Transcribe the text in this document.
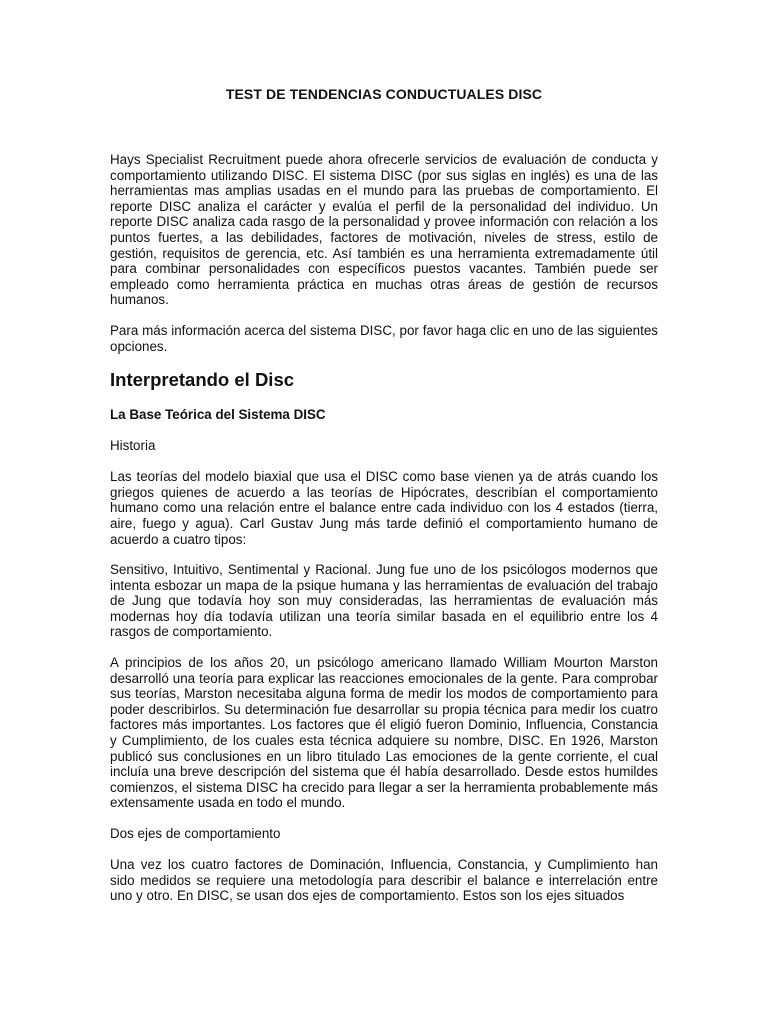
TEST DE TENDENCIAS CONDUCTUALES DISC

Hays Specialist Recruitment puede ahora ofrecerle servicios de evaluación de conducta y comportamiento utilizando DISC. El sistema DISC (por sus siglas en inglés) es una de las herramientas mas amplias usadas en el mundo para las pruebas de comportamiento. El reporte DISC analiza el carácter y evalúa el perfil de la personalidad del individuo. Un reporte DISC analiza cada rasgo de la personalidad y provee información con relación a los puntos fuertes, a las debilidades, factores de motivación, niveles de stress, estilo de gestión, requisitos de gerencia, etc. Así también es una herramienta extremadamente útil para combinar personalidades con específicos puestos vacantes. También puede ser empleado como herramienta práctica en muchas otras áreas de gestión de recursos humanos.

Para más información acerca del sistema DISC, por favor haga clic en uno de las siguientes opciones.

Interpretando el Disc
La Base Teórica del Sistema DISC

Historia

Las teorías del modelo biaxial que usa el DISC como base vienen ya de atrás cuando los griegos quienes de acuerdo a las teorías de Hipócrates, describían el comportamiento humano como una relación entre el balance entre cada individuo con los 4 estados (tierra, aire, fuego y agua). Carl Gustav Jung más tarde definió el comportamiento humano de acuerdo a cuatro tipos:

Sensitivo, Intuitivo, Sentimental y Racional. Jung fue uno de los psicólogos modernos que intenta esbozar un mapa de la psique humana y las herramientas de evaluación del trabajo de Jung que todavía hoy son muy consideradas, las herramientas de evaluación más modernas hoy día todavía utilizan una teoría similar basada en el equilibrio entre los 4 rasgos de comportamiento.

A principios de los años 20, un psicólogo americano llamado William Mourton Marston desarrolló una teoría para explicar las reacciones emocionales de la gente. Para comprobar sus teorías, Marston necesitaba alguna forma de medir los modos de comportamiento para poder describirlos. Su determinación fue desarrollar su propia técnica para medir los cuatro factores más importantes. Los factores que él eligió fueron Dominio, Influencia, Constancia y Cumplimiento, de los cuales esta técnica adquiere su nombre, DISC. En 1926, Marston publicó sus conclusiones en un libro titulado Las emociones de la gente corriente, el cual incluía una breve descripción del sistema que él había desarrollado. Desde estos humildes comienzos, el sistema DISC ha crecido para llegar a ser la herramienta probablemente más extensamente usada en todo el mundo.

Dos ejes de comportamiento

Una vez los cuatro factores de Dominación, Influencia, Constancia, y Cumplimiento han sido medidos se requiere una metodología para describir el balance e interrelación entre uno y otro. En DISC, se usan dos ejes de comportamiento. Estos son los ejes situados
